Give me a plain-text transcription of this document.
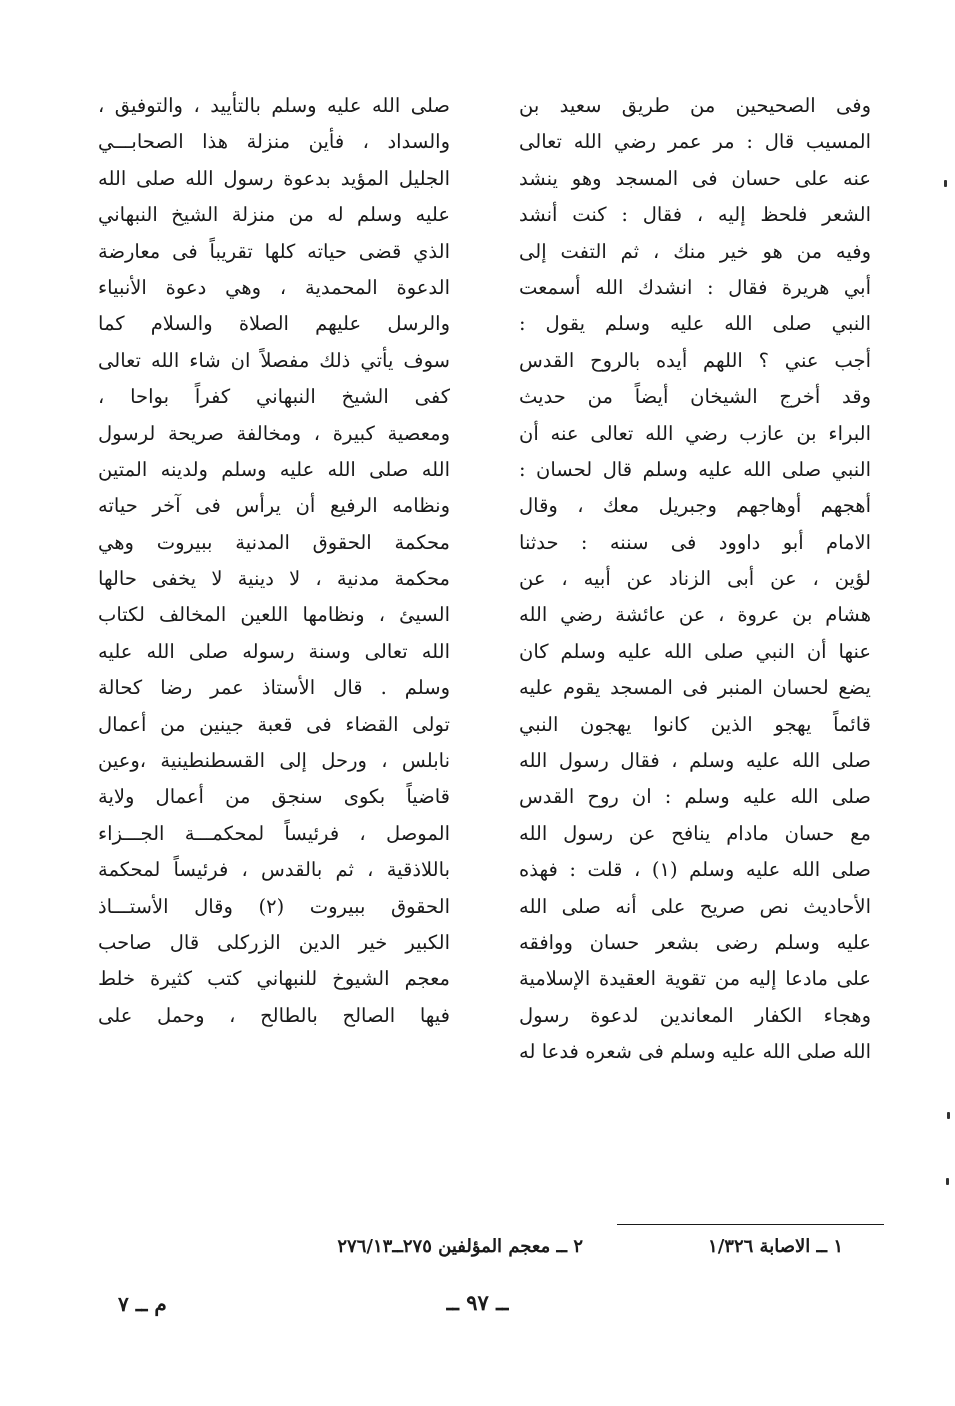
وفى الصحيحين من طريق سعيد بن
المسيب قال : مر عمر رضي الله تعالى
عنه على حسان فى المسجد وهو ينشد
الشعر فلحظ إليه ، فقال : كنت أنشد
وفيه من هو خير منك ، ثم التفت إلى
أبي هريرة فقال : انشدك الله أسمعت
النبي صلى الله عليه وسلم يقول :
أجب عني ؟ اللهم أيده بالروح القدس
وقد أخرج الشيخان أيضاً من حديث
البراء بن عازب رضي الله تعالى عنه أن
النبي صلى الله عليه وسلم قال لحسان :
أهجهم أوهاجهم وجبريل معك ، وقال
الامام أبو داوود فى سننه : حدثنا
لؤين ، عن أبى الزناد عن أبيه ، عن
هشام بن عروة ، عن عائشة رضي الله
عنها أن النبي صلى الله عليه وسلم كان
يضع لحسان المنبر فى المسجد يقوم عليه
قائماً يهجو الذين كانوا يهجون النبي
صلى الله عليه وسلم ، فقال رسول الله
صلى الله عليه وسلم : ان روح القدس
مع حسان مادام ينافح عن رسول الله
صلى الله عليه وسلم (١) ، قلت : فهذه
الأحاديث نص صريح على أنه صلى الله
عليه وسلم رضى بشعر حسان ووافقه
على مادعا إليه من تقوية العقيدة الإسلامية
وهجاء الكفار المعاندين لدعوة رسول
الله صلى الله عليه وسلم فى شعره فدعا له
صلى الله عليه وسلم بالتأييد ، والتوفيق ،
والسداد ، فأين منزلة هذا الصحابـــي
الجليل المؤيد بدعوة رسول الله صلى الله
عليه وسلم له من منزلة الشيخ النبهاني
الذي قضى حياته كلها تقريباً فى معارضة
الدعوة المحمدية ، وهي دعوة الأنبياء
والرسل عليهم الصلاة والسلام كما
سوف يأتي ذلك مفصلاً ان شاء الله تعالى
كفى الشيخ النبهاني كفراً بواحا ،
ومعصية كبيرة ، ومخالفة صريحة لرسول
الله صلى الله عليه وسلم ولدينه المتين
ونظامه الرفيع أن يرأس فى آخر حياته
محكمة الحقوق المدنية ببيروت وهي
محكمة مدنية ، لا دينية لا يخفى حالها
السيئ ، ونظامها اللعين المخالف لكتاب
الله تعالى وسنة رسوله صلى الله عليه
وسلم . قال الأستاذ عمر رضا كحالة
تولى القضاء فى قعبة جينين من أعمال
نابلس ، ورحل إلى القسطنطينية ،وعين
قاضياً بكوى سنجق من أعمال ولاية
الموصل ، فرئيساً لمحكمـــة الجـــزاء
باللاذقية ، ثم بالقدس ، فرئيساً لمحكمة
الحقوق ببيروت (٢) وقال الأستـــاذ
الكبير خير الدين الزركلى قال صاحب
معجم الشيوخ للنبهاني كتب كثيرة خلط
فيها الصالح بالطالح ، وحمل على
١ ــ الاصابة ١/٣٢٦
٢ ــ معجم المؤلفين ٢٧٥ــ٢٧٦/١٣
ــ ٩٧ ــ
م ــ ٧
